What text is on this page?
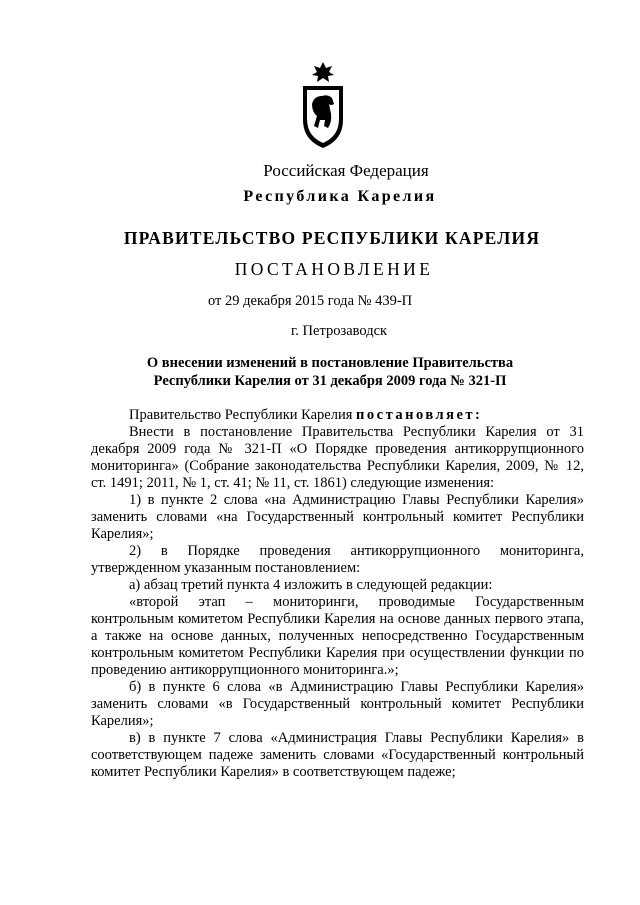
Российская Федерация
Республика Карелия
ПРАВИТЕЛЬСТВО РЕСПУБЛИКИ КАРЕЛИЯ
ПОСТАНОВЛЕНИЕ
от 29 декабря 2015 года № 439-П
г. Петрозаводск
О внесении изменений в постановление Правительства
Республики Карелия от 31 декабря 2009 года № 321-П

Правительство Республики Карелия постановляет:

Внести в постановление Правительства Республики Карелия от 31 декабря 2009 года № 321-П «О Порядке проведения антикоррупционного мониторинга» (Собрание законодательства Республики Карелия, 2009, № 12, ст. 1491; 2011, № 1, ст. 41; № 11, ст. 1861) следующие изменения:

1) в пункте 2 слова «на Администрацию Главы Республики Карелия» заменить словами «на Государственный контрольный комитет Республики Карелия»;

2) в Порядке проведения антикоррупционного мониторинга, утвержденном указанным постановлением:

а) абзац третий пункта 4 изложить в следующей редакции:

«второй этап – мониторинги, проводимые Государственным контрольным комитетом Республики Карелия на основе данных первого этапа, а также на основе данных, полученных непосредственно Государственным контрольным комитетом Республики Карелия при осуществлении функции по проведению антикоррупционного мониторинга.»;

б) в пункте 6 слова «в Администрацию Главы Республики Карелия» заменить словами «в Государственный контрольный комитет Республики Карелия»;

в) в пункте 7 слова «Администрация Главы Республики Карелия» в соответствующем падеже заменить словами «Государственный контрольный комитет Республики Карелия» в соответствующем падеже;
